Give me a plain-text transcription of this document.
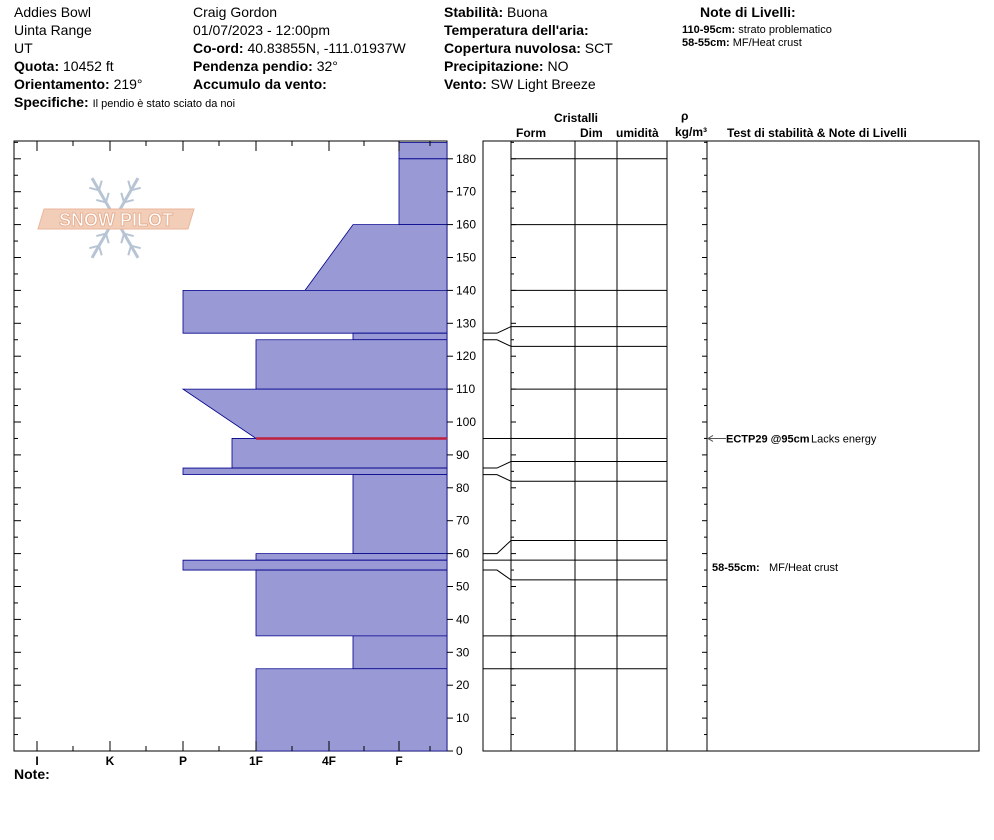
Addies Bowl
Uinta Range
UT
Quota: 10452 ft
Orientamento: 219°
Specifiche: Il pendio è stato sciato da noi
Craig Gordon
01/07/2023 - 12:00pm
Co-ord: 40.83855N, -111.01937W
Pendenza pendio: 32°
Accumulo da vento:
Stabilità: Buona
Temperatura dell'aria:
Copertura nuvolosa: SCT
Precipitazione: NO
Vento: SW Light Breeze
Note di Livelli:
110-95cm: strato problematico
58-55cm: MF/Heat crust
Cristalli
Form	Dim umidità
ρ
kg/m³ Test di stabilità & Note di Livelli
SNOW PILOT
I	K	P	1F	4F	F
0
10
20
30
40
50
60
70
80
90
100
110
120
130
140
150
160
170
180
ECTP29 @95cm Lacks energy
58-55cm: MF/Heat crust
Note:
